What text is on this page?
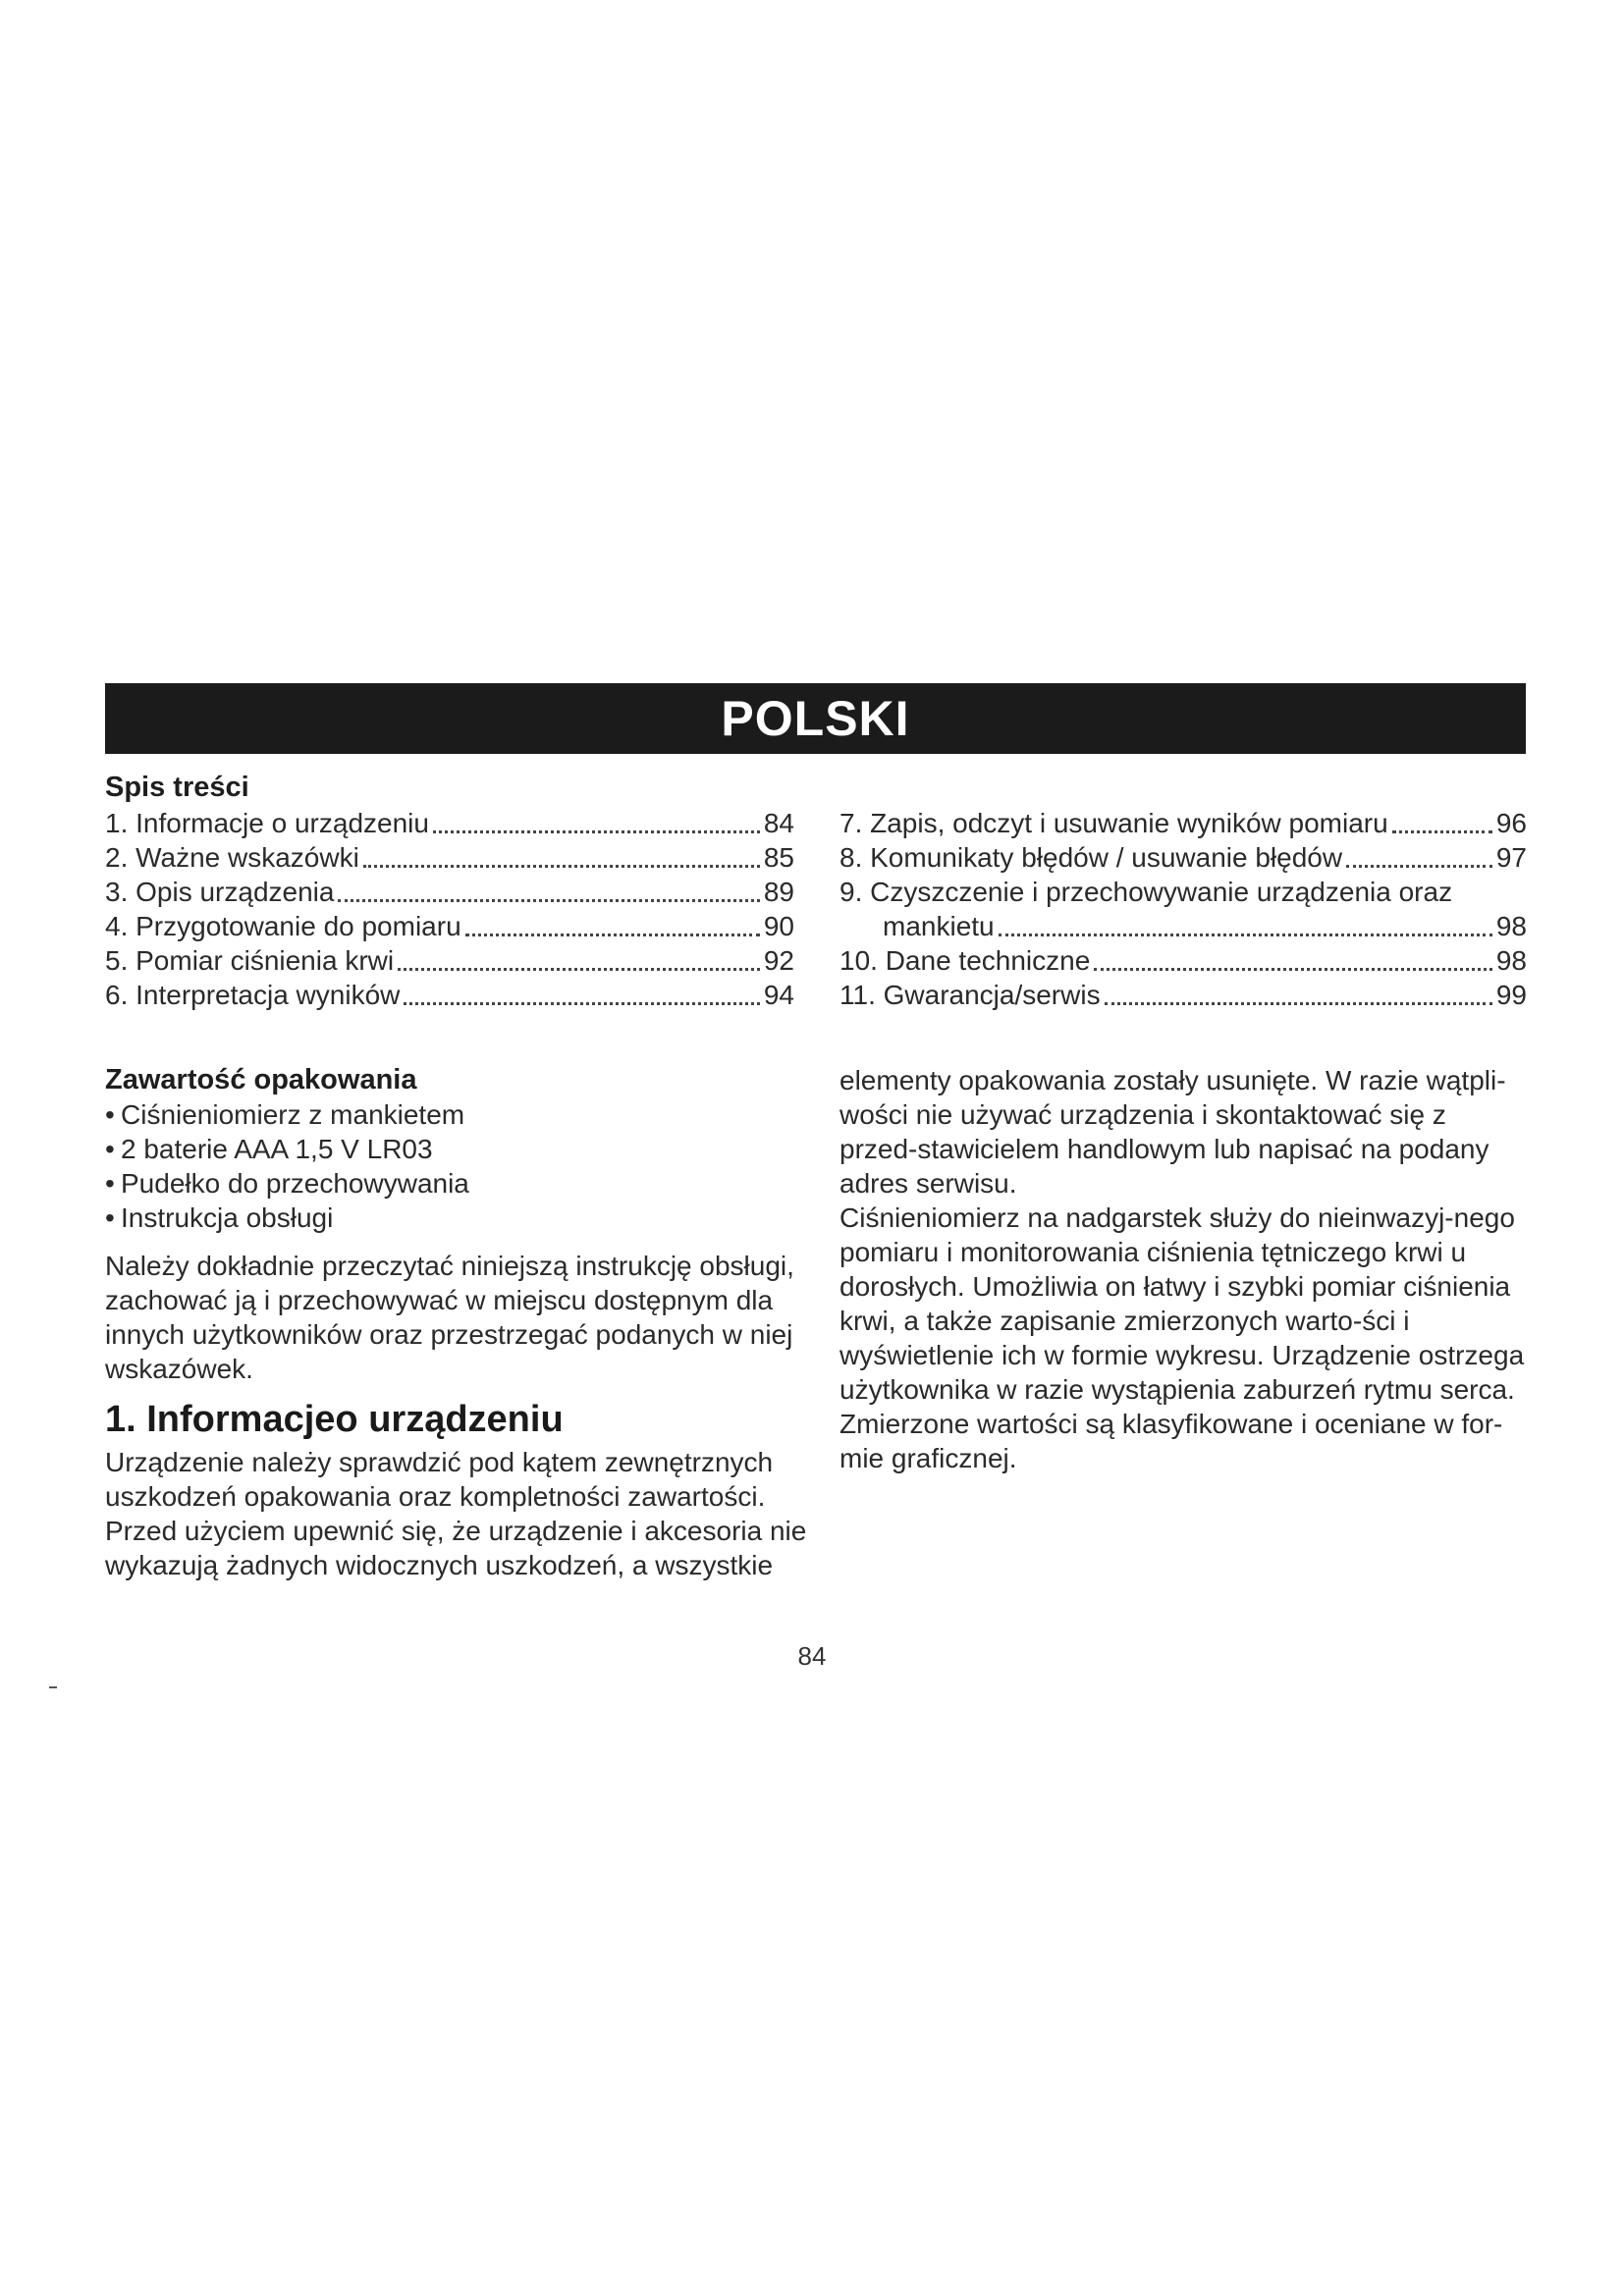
POLSKI
Spis treści
1. Informacje o urządzeniu	84
2. Ważne wskazówki	85
3. Opis urządzenia	89
4. Przygotowanie do pomiaru	90
5. Pomiar ciśnienia krwi	92
6. Interpretacja wyników	94
7. Zapis, odczyt i usuwanie wyników pomiaru	96
8. Komunikaty błędów / usuwanie błędów	97
9. Czyszczenie i przechowywanie urządzenia oraz
mankietu	98
10. Dane techniczne	98
11. Gwarancja/serwis	99
Zawartość opakowania
• Ciśnieniomierz z mankietem
• 2 baterie AAA 1,5 V LR03
• Pudełko do przechowywania
• Instrukcja obsługi

Należy dokładnie przeczytać niniejszą instrukcję obsługi, zachować ją i przechowywać w miejscu dostępnym dla innych użytkowników oraz przestrzegać podanych w niej wskazówek.

1. Informacjeo urządzeniu

Urządzenie należy sprawdzić pod kątem zewnętrznych uszkodzeń opakowania oraz kompletności zawartości. Przed użyciem upewnić się, że urządzenie i akcesoria nie wykazują żadnych widocznych uszkodzeń, a wszystkie

elementy opakowania zostały usunięte. W razie wątpli-wości nie używać urządzenia i skontaktować się z przed-stawicielem handlowym lub napisać na podany adres serwisu.

Ciśnieniomierz na nadgarstek służy do nieinwazyj-nego pomiaru i monitorowania ciśnienia tętniczego krwi u dorosłych. Umożliwia on łatwy i szybki pomiar ciśnienia krwi, a także zapisanie zmierzonych warto-ści i wyświetlenie ich w formie wykresu. Urządzenie ostrzega użytkownika w razie wystąpienia zaburzeń rytmu serca.

Zmierzone wartości są klasyfikowane i oceniane w for-mie graficznej.

84
